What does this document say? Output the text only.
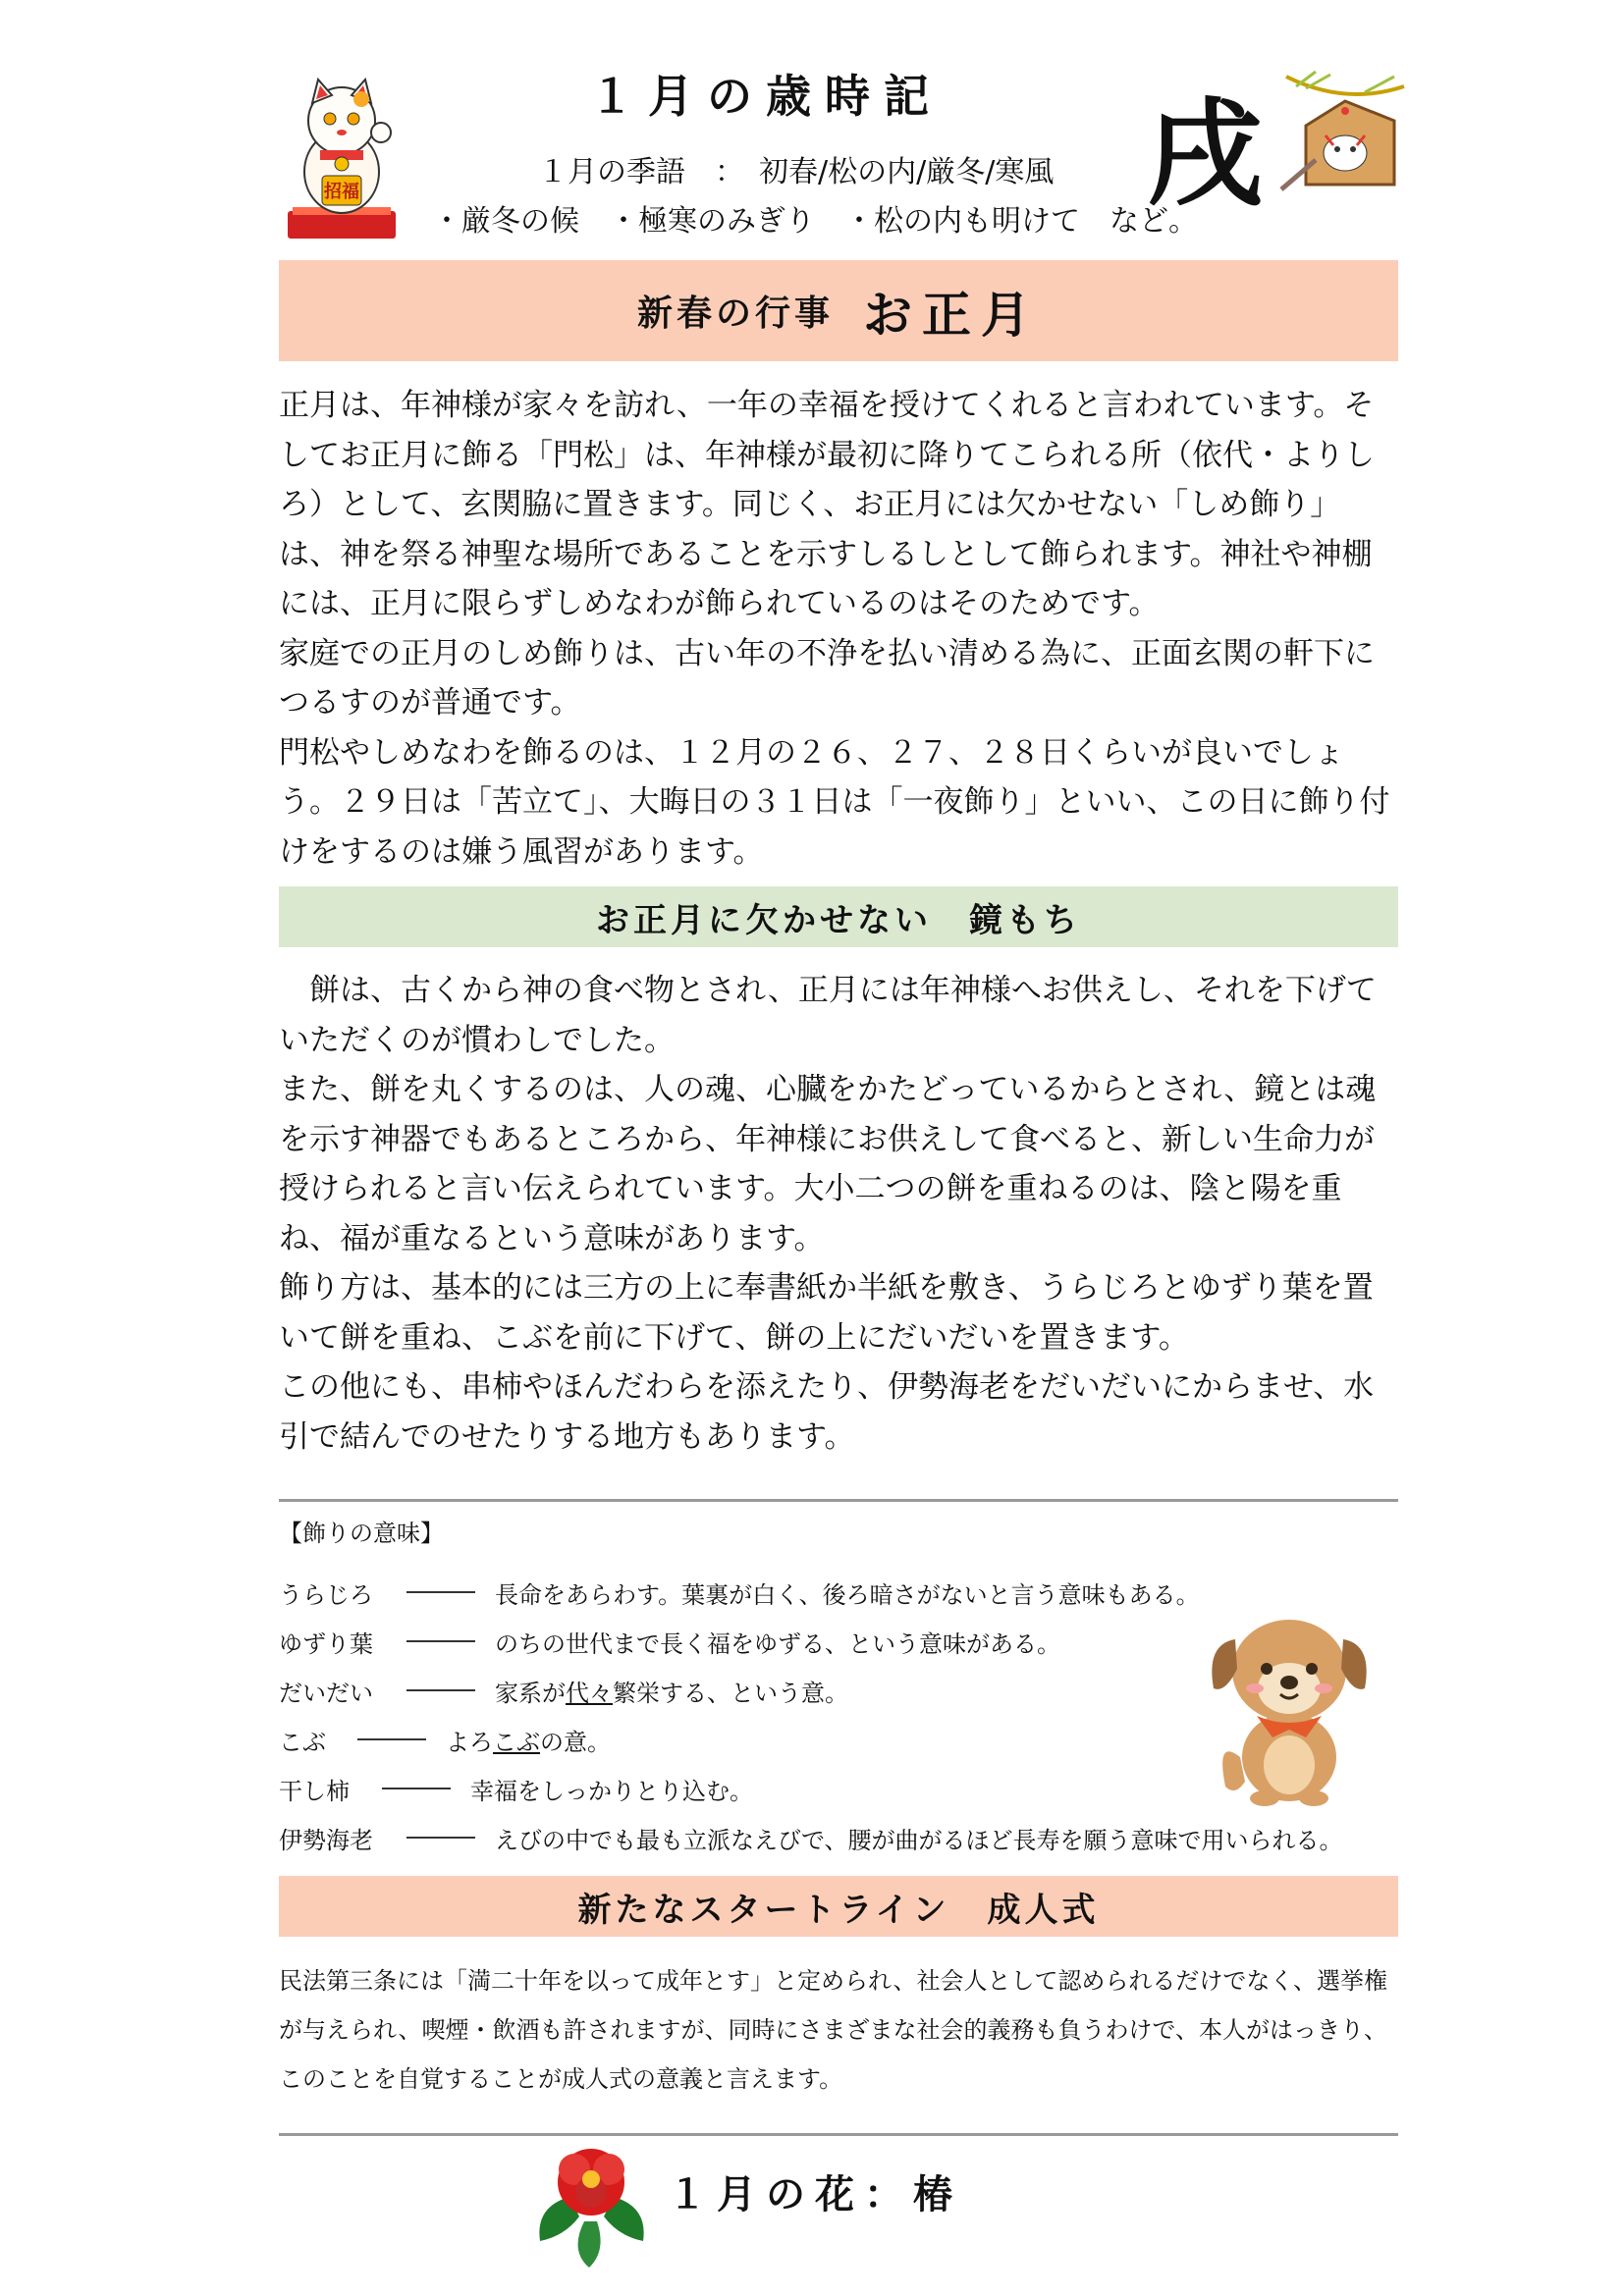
招福
１月の歳時記
１月の季語　：　初春/松の内/厳冬/寒風
・厳冬の候　・極寒のみぎり　・松の内も明けて　など。
戌
新春の行事 お正月

正月は、年神様が家々を訪れ、一年の幸福を授けてくれると言われています。そしてお正月に飾る「門松」は、年神様が最初に降りてこられる所（依代・よりしろ）として、玄関脇に置きます。同じく、お正月には欠かせない「しめ飾り」は、神を祭る神聖な場所であることを示すしるしとして飾られます。神社や神棚には、正月に限らずしめなわが飾られているのはそのためです。

家庭での正月のしめ飾りは、古い年の不浄を払い清める為に、正面玄関の軒下につるすのが普通です。

門松やしめなわを飾るのは、１２月の２６、２７、２８日くらいが良いでしょう。２９日は「苦立て」、大晦日の３１日は「一夜飾り」といい、この日に飾り付けをするのは嫌う風習があります。

お正月に欠かせない　鏡もち

　餅は、古くから神の食べ物とされ、正月には年神様へお供えし、それを下げていただくのが慣わしでした。

また、餅を丸くするのは、人の魂、心臓をかたどっているからとされ、鏡とは魂を示す神器でもあるところから、年神様にお供えして食べると、新しい生命力が授けられると言い伝えられています。大小二つの餅を重ねるのは、陰と陽を重ね、福が重なるという意味があります。

飾り方は、基本的には三方の上に奉書紙か半紙を敷き、うらじろとゆずり葉を置いて餅を重ね、こぶを前に下げて、餅の上にだいだいを置きます。

この他にも、串柿やほんだわらを添えたり、伊勢海老をだいだいにからませ、水引で結んでのせたりする地方もあります。

【飾りの意味】
うらじろ	長命をあらわす。葉裏が白く、後ろ暗さがないと言う意味もある。
ゆずり葉	のちの世代まで長く福をゆずる、という意味がある。
だいだい	家系が代々繁栄する、という意。
こぶ	よろこぶの意。
干し柿	幸福をしっかりとり込む。
伊勢海老	えびの中でも最も立派なえびで、腰が曲がるほど長寿を願う意味で用いられる。
新たなスタートライン　成人式

民法第三条には「満二十年を以って成年とす」と定められ、社会人として認められるだけでなく、選挙権が与えられ、喫煙・飲酒も許されますが、同時にさまざまな社会的義務も負うわけで、本人がはっきり、このことを自覚することが成人式の意義と言えます。

１月の花：椿
